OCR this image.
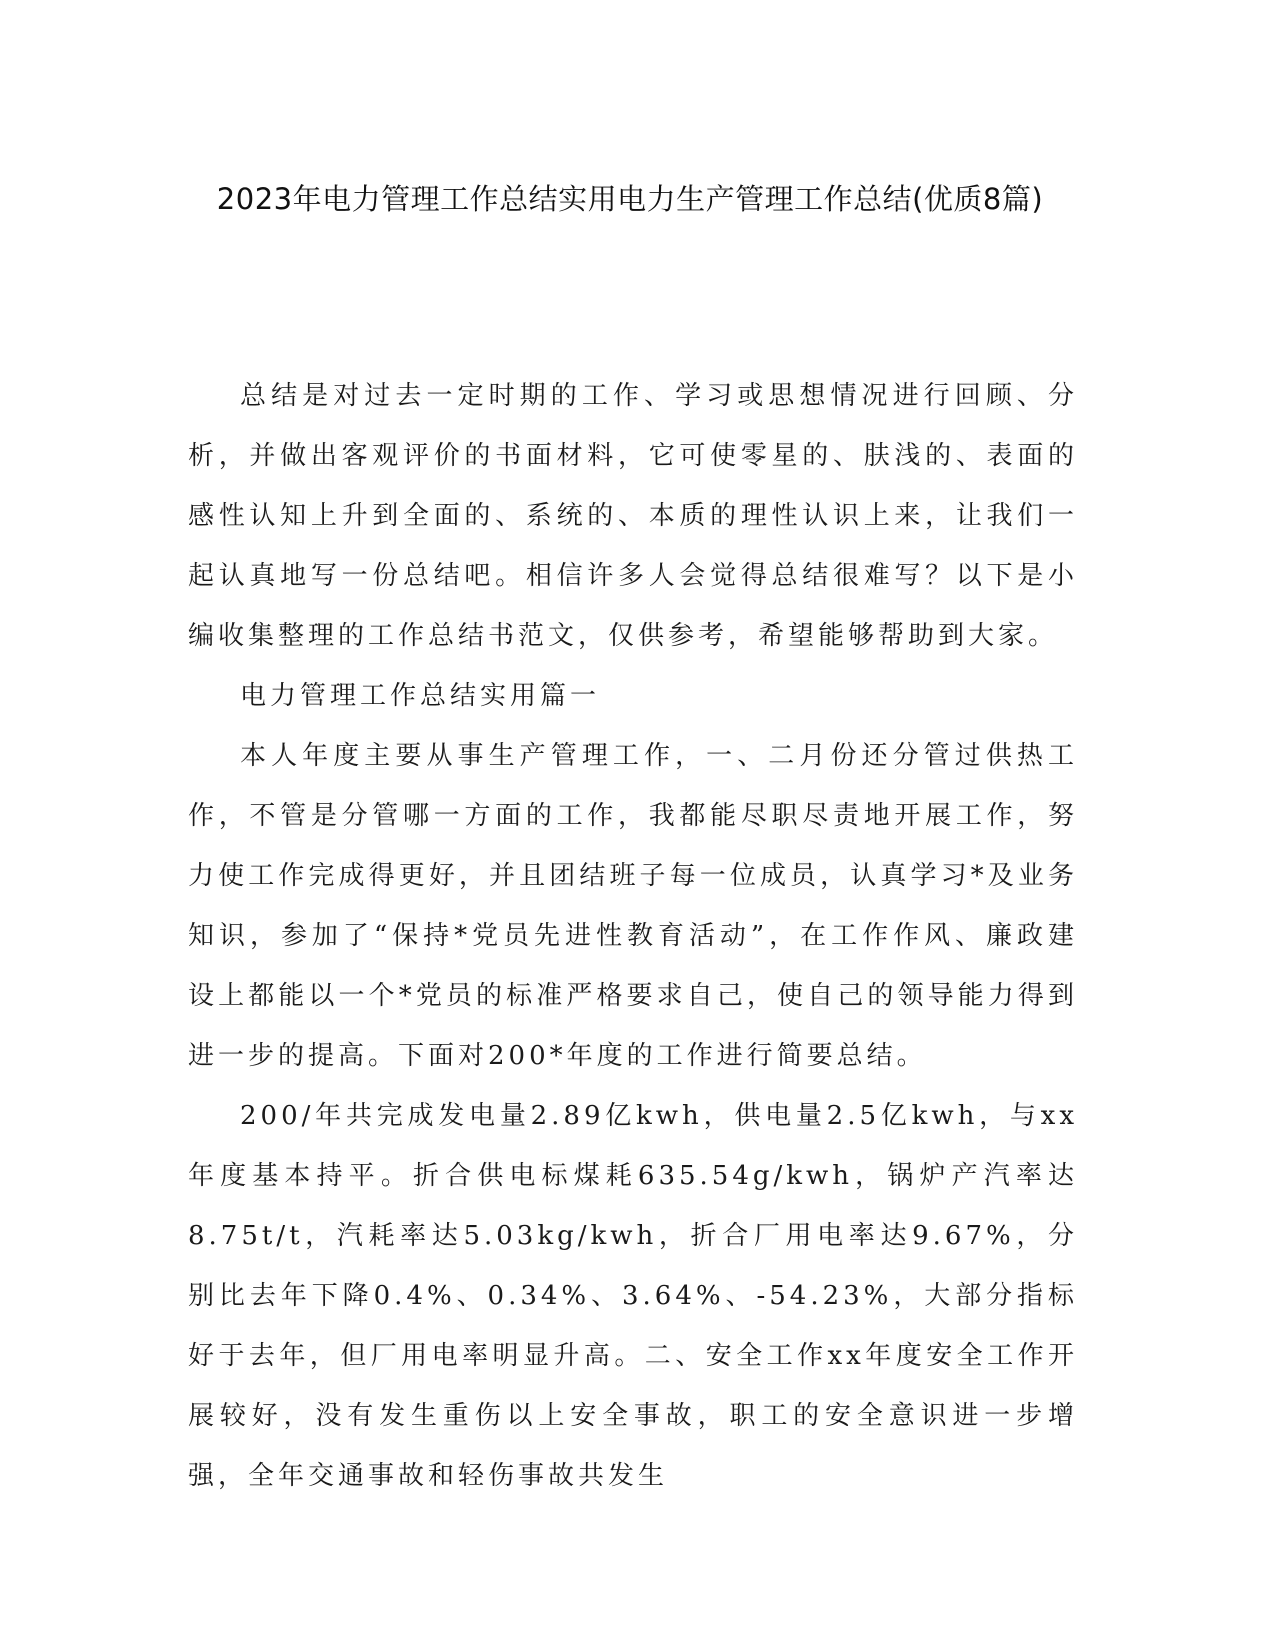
2023年电力管理工作总结实用电力生产管理工作总结(优质8篇)

总结是对过去一定时期的工作、学习或思想情况进行回顾、分析，并做出客观评价的书面材料，它可使零星的、肤浅的、表面的感性认知上升到全面的、系统的、本质的理性认识上来，让我们一起认真地写一份总结吧。相信许多人会觉得总结很难写？以下是小编收集整理的工作总结书范文，仅供参考，希望能够帮助到大家。

电力管理工作总结实用篇一

本人年度主要从事生产管理工作，一、二月份还分管过供热工作，不管是分管哪一方面的工作，我都能尽职尽责地开展工作，努力使工作完成得更好，并且团结班子每一位成员，认真学习*及业务知识，参加了“保持*党员先进性教育活动”，在工作作风、廉政建设上都能以一个*党员的标准严格要求自己，使自己的领导能力得到进一步的提高。下面对200*年度的工作进行简要总结。

200/年共完成发电量2.89亿kwh，供电量2.5亿kwh，与xx年度基本持平。折合供电标煤耗635.54g/kwh，锅炉产汽率达8.75t/t，汽耗率达5.03kg/kwh，折合厂用电率达9.67%，分别比去年下降0.4%、0.34%、3.64%、-54.23%，大部分指标好于去年，但厂用电率明显升高。二、安全工作xx年度安全工作开展较好，没有发生重伤以上安全事故，职工的安全意识进一步增强，全年交通事故和轻伤事故共发生
